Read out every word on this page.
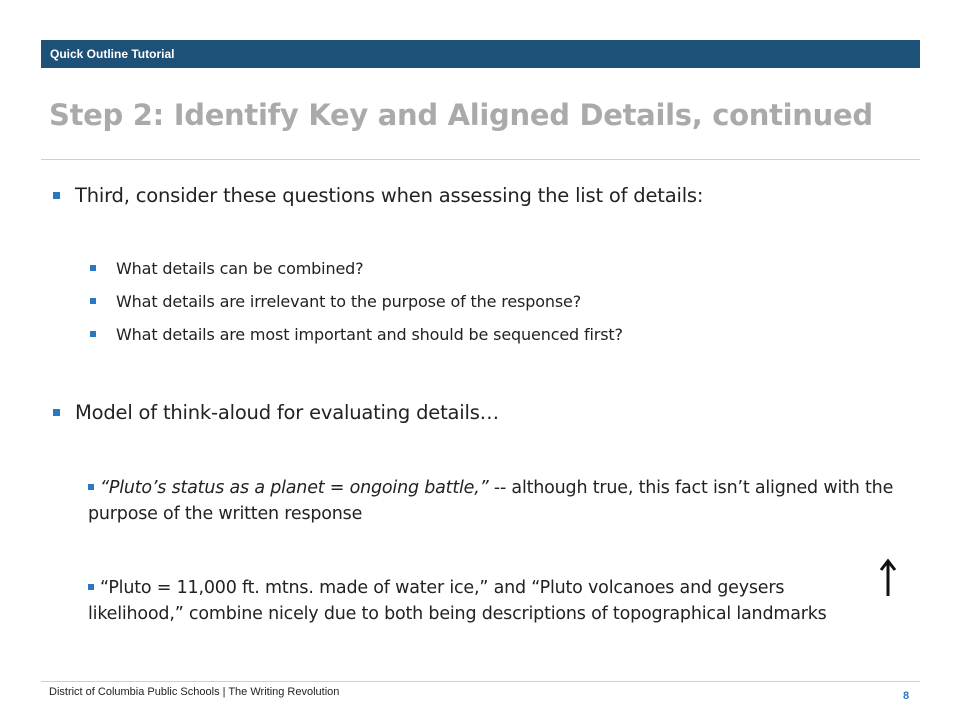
Quick Outline Tutorial
Step 2: Identify Key and Aligned Details, continued
Third, consider these questions when assessing the list of details:
What details can be combined?
What details are irrelevant to the purpose of the response?
What details are most important and should be sequenced first?
Model of think-aloud for evaluating details…
“Pluto’s status as a planet = ongoing battle,” -- although true, this fact isn’t aligned with the purpose of the written response
“Pluto = 11,000 ft. mtns. made of water ice,” and “Pluto volcanoes and geysers likelihood,” combine nicely due to both being descriptions of topographical landmarks
District of Columbia Public Schools | The Writing Revolution	8
